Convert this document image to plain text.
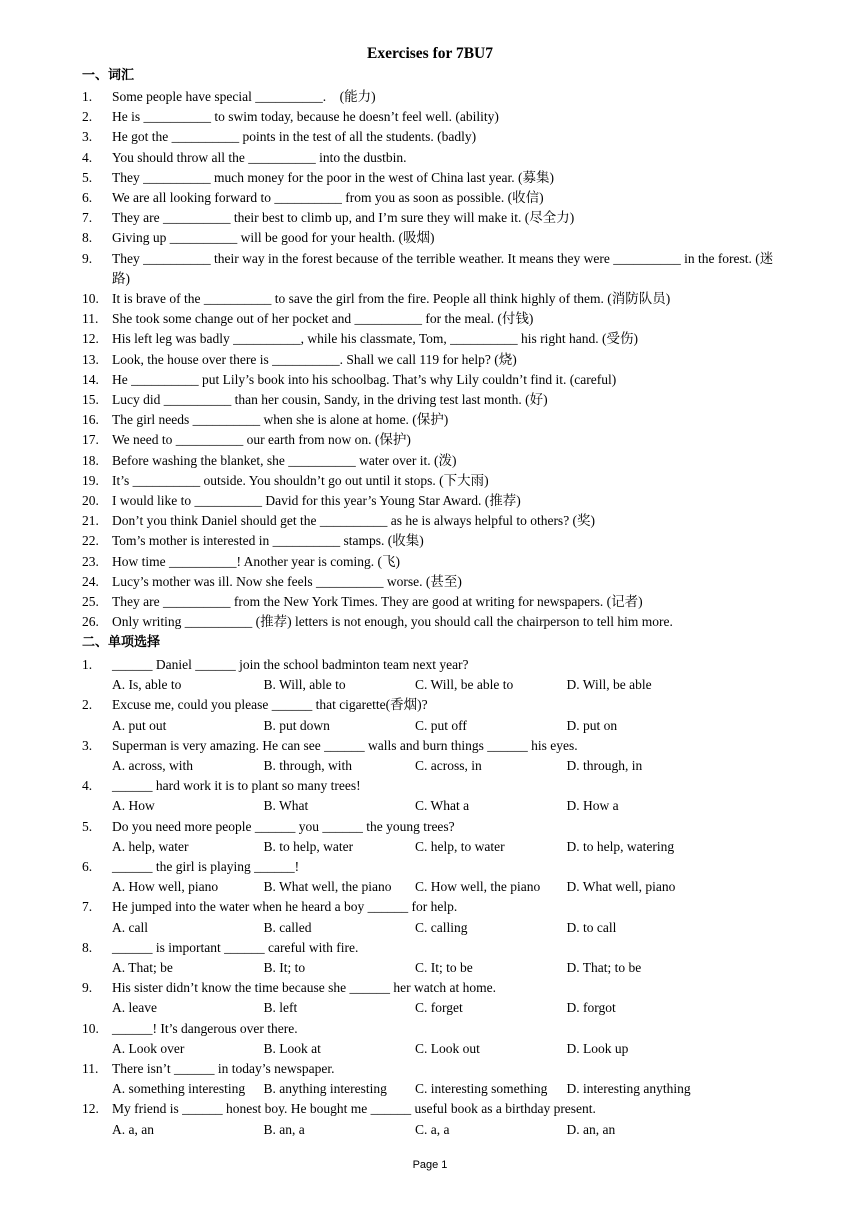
Exercises for 7BU7
一、词汇
1.	Some people have special __________.    (能力)
2.	He is __________ to swim today, because he doesn’t feel well. (ability)
3.	He got the __________ points in the test of all the students. (badly)
4.	You should throw all the __________ into the dustbin.
5.	They __________ much money for the poor in the west of China last year. (募集)
6.	We are all looking forward to __________ from you as soon as possible. (收信)
7.	They are __________ their best to climb up, and I’m sure they will make it. (尽全力)
8.	Giving up __________ will be good for your health. (吸烟)
9.	They __________ their way in the forest because of the terrible weather. It means they were __________ in the forest. (迷路)
10. It is brave of the __________ to save the girl from the fire. People all think highly of them. (消防队员)
11.	She took some change out of her pocket and __________ for the meal. (付钱)
12. His left leg was badly __________, while his classmate, Tom, __________ his right hand. (受伤)
13. Look, the house over there is __________. Shall we call 119 for help? (烧)
14. He __________ put Lily’s book into his schoolbag. That’s why Lily couldn’t find it. (careful)
15. Lucy did __________ than her cousin, Sandy, in the driving test last month. (好)
16. The girl needs __________ when she is alone at home. (保护)
17. We need to __________ our earth from now on. (保护)
18. Before washing the blanket, she __________ water over it. (泼)
19. It’s __________ outside. You shouldn’t go out until it stops. (下大雨)
20. I would like to __________ David for this year’s Young Star Award. (推荐)
21. Don’t you think Daniel should get the __________ as he is always helpful to others? (奖)
22. Tom’s mother is interested in __________ stamps. (收集)
23. How time __________! Another year is coming. (飞)
24. Lucy’s mother was ill. Now she feels __________ worse. (甚至)
25. They are __________ from the New York Times. They are good at writing for newspapers. (记者)
26. Only writing __________ (推荐) letters is not enough, you should call the chairperson to tell him more.
二、单项选择
1.	______ Daniel ______ join the school badminton team next year?
A. Is, able to	B. Will, able to	C. Will, be able to	D. Will, be able
2.	Excuse me, could you please ______ that cigarette(香烟)?
A. put out	B. put down	C. put off	D. put on
3.	Superman is very amazing. He can see ______ walls and burn things ______ his eyes.
A. across, with	B. through, with	C. across, in	D. through, in
4.	______ hard work it is to plant so many trees!
A. How	B. What	C. What a	D. How a
5.	Do you need more people ______ you ______ the young trees?
A. help, water	B. to help, water	C. help, to water	D. to help, watering
6.	______ the girl is playing ______!
A. How well, piano	B. What well, the piano	C. How well, the piano	D. What well, piano
7.	He jumped into the water when he heard a boy ______ for help.
A. call	B. called	C. calling	D. to call
8.	______ is important ______ careful with fire.
A. That; be	B. It; to	C. It; to be	D. That; to be
9.	His sister didn’t know the time because she ______ her watch at home.
A. leave	B. left	C. forget	D. forgot
10. ______! It’s dangerous over there.
A. Look over	B. Look at	C. Look out	D. Look up
11.	There isn’t ______ in today’s newspaper.
A. something interesting	B. anything interesting	C. interesting something	D. interesting anything
12. My friend is ______ honest boy. He bought me ______ useful book as a birthday present.
A. a, an	B. an, a	C. a, a	D. an, an
Page 1
